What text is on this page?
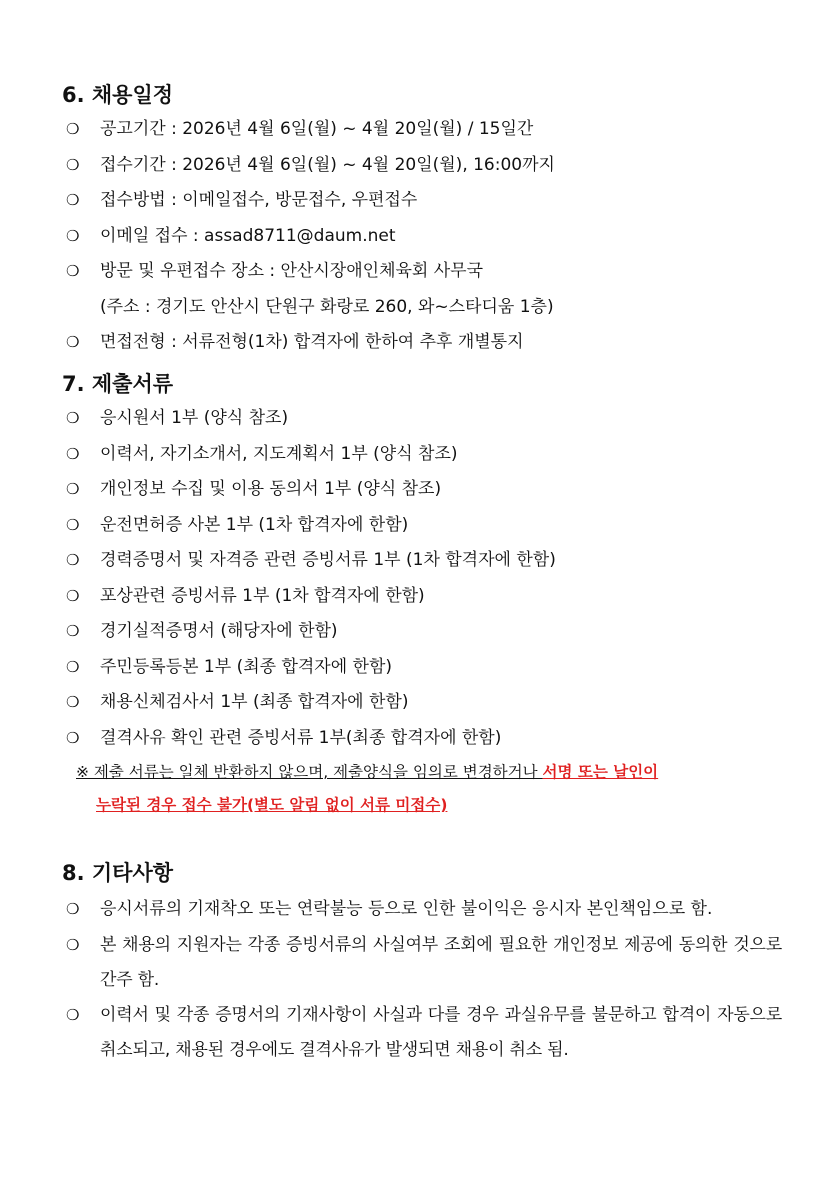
6. 채용일정
❍ 공고기간 : 2026년 4월 6일(월) ~ 4월 20일(월) / 15일간
❍ 접수기간 : 2026년 4월 6일(월) ~ 4월 20일(월), 16:00까지
❍ 접수방법 : 이메일접수, 방문접수, 우편접수
❍ 이메일 접수 : assad8711@daum.net
❍ 방문 및 우편접수 장소 : 안산시장애인체육회 사무국
(주소 : 경기도 안산시 단원구 화랑로 260, 와~스타디움 1층)
❍ 면접전형 : 서류전형(1차) 합격자에 한하여 추후 개별통지
7. 제출서류
❍ 응시원서 1부 (양식 참조)
❍ 이력서, 자기소개서, 지도계획서 1부 (양식 참조)
❍ 개인정보 수집 및 이용 동의서 1부 (양식 참조)
❍ 운전면허증 사본 1부 (1차 합격자에 한함)
❍ 경력증명서 및 자격증 관련 증빙서류 1부 (1차 합격자에 한함)
❍ 포상관련 증빙서류 1부 (1차 합격자에 한함)
❍ 경기실적증명서 (해당자에 한함)
❍ 주민등록등본 1부 (최종 합격자에 한함)
❍ 채용신체검사서 1부 (최종 합격자에 한함)
❍ 결격사유 확인 관련 증빙서류 1부(최종 합격자에 한함)
※ 제출 서류는 일체 반환하지 않으며, 제출양식을 임의로 변경하거나 서명 또는 날인이
누락된 경우 접수 불가(별도 알림 없이 서류 미접수)
8. 기타사항
❍ 응시서류의 기재착오 또는 연락불능 등으로 인한 불이익은 응시자 본인책임으로 함.
❍ 본 채용의 지원자는 각종 증빙서류의 사실여부 조회에 필요한 개인정보 제공에 동의한 것으로 간주 함.
❍ 이력서 및 각종 증명서의 기재사항이 사실과 다를 경우 과실유무를 불문하고 합격이 자동으로 취소되고, 채용된 경우에도 결격사유가 발생되면 채용이 취소 됨.
